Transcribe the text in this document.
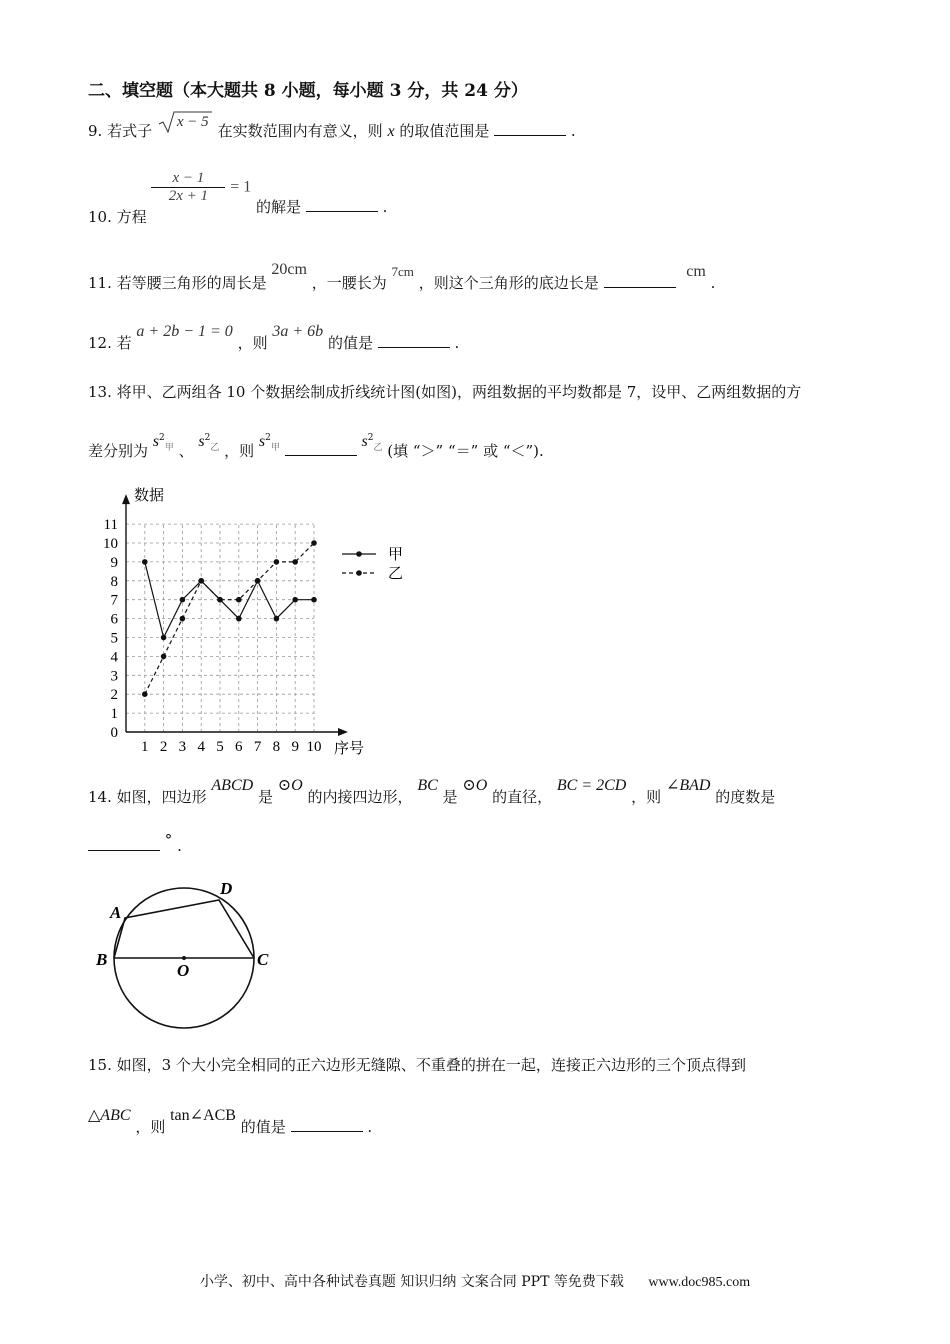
二、填空题（本大题共 8 小题，每小题 3 分，共 24 分）
9. 若式子 x − 5 在实数范围内有意义，则 x 的取值范围是	.
10. 方程
$\frac{x - 1}{2x + 1} = 1$ 的解是	.
11. 若等腰三角形的周长是 20cm ，一腰长为 7cm ，则这个三角形的底边长是  cm .
12. 若 a + 2b − 1 = 0 ，则 3a + 6b 的值是	.
13. 将甲、乙两组各 10 个数据绘制成折线统计图(如图)，两组数据的平均数都是 7，设甲、乙两组数据的方
差分别为 $s^2_甲$ 、 $s^2_乙$ ，则 $s^2_甲$	$s^2_乙$ (填 “＞” “＝” 或 “＜”).
0
1
2
3
4
5
6
7
8
9
10
11
1 2 3 4 5 6 7 8 9 10
数据
序号
甲
乙
14. 如图，四边形 ABCD 是 ⊙O 的内接四边形， BC 是 ⊙O 的直径， BC = 2CD ，则 ∠BAD 的度数是
° .
A
B	C
D
O
15. 如图，3 个大小完全相同的正六边形无缝隙、不重叠的拼在一起，连接正六边形的三个顶点得到
△ABC ，则 tan∠ACB 的值是	.
小学、初中、高中各种试卷真题 知识归纳 文案合同 PPT 等免费下载 www.doc985.com
